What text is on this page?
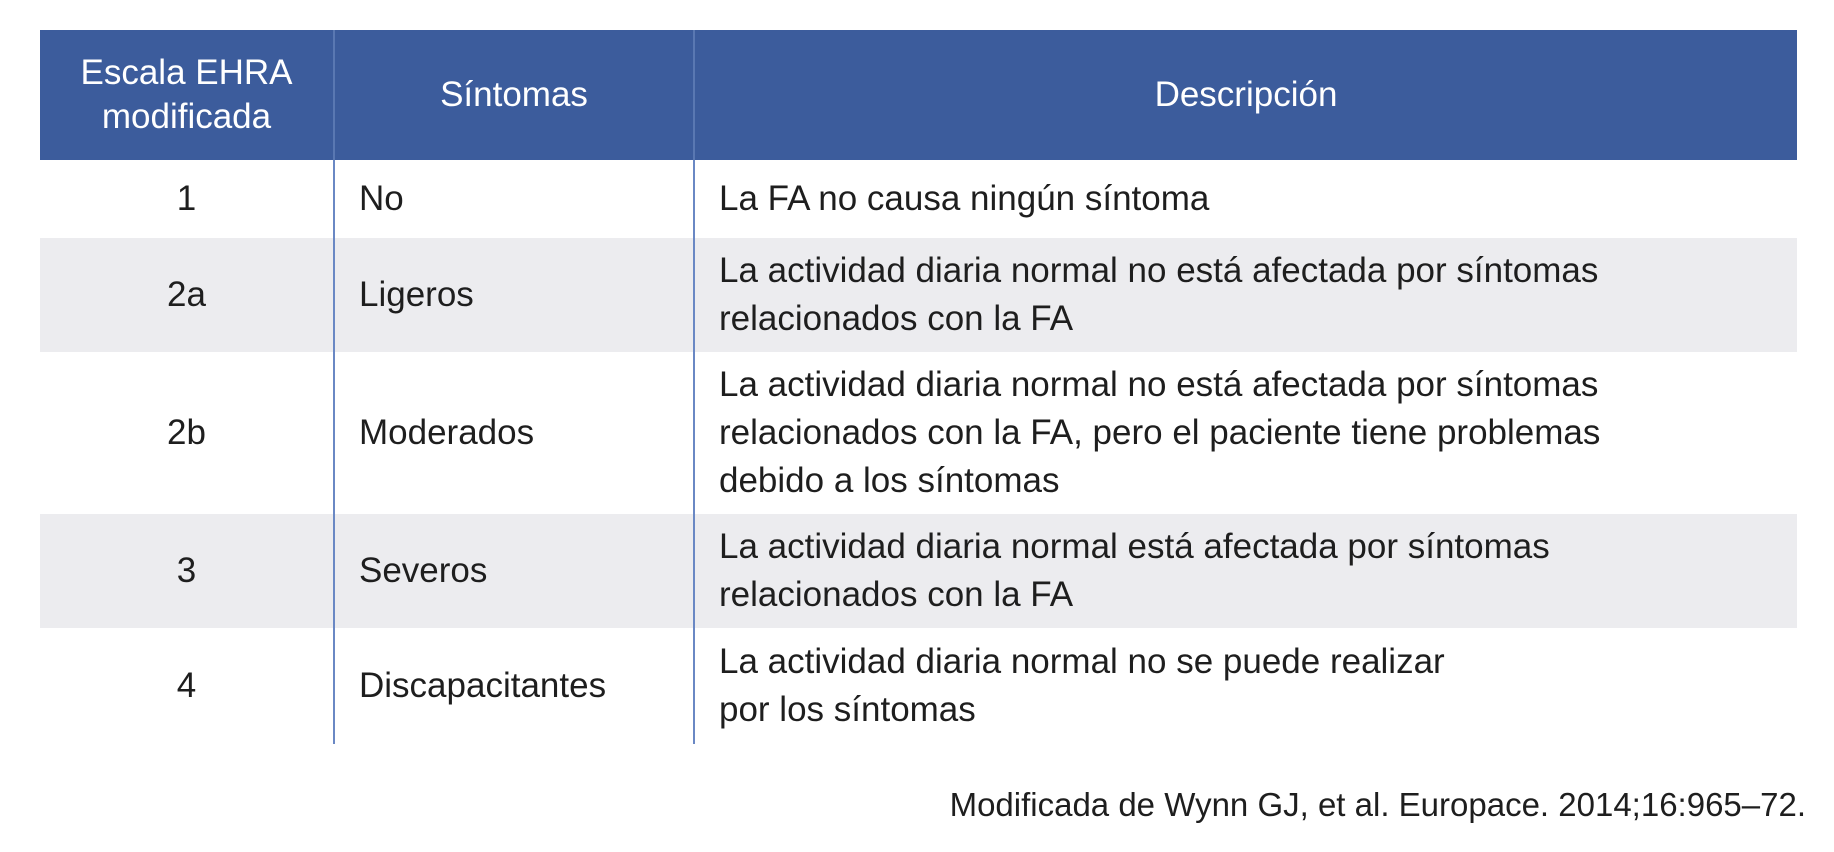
Escala EHRA
modificada	Síntomas	Descripción
1	No	La FA no causa ningún síntoma

2a	Ligeros	La actividad diaria normal no está afectada por síntomas
relacionados con la FA

2b	Moderados	La actividad diaria normal no está afectada por síntomas
relacionados con la FA, pero el paciente tiene problemas
debido a los síntomas

3	Severos	La actividad diaria normal está afectada por síntomas
relacionados con la FA

4	Discapacitantes	La actividad diaria normal no se puede realizar
por los síntomas
Modificada de Wynn GJ, et al. Europace. 2014;16:965–72.
